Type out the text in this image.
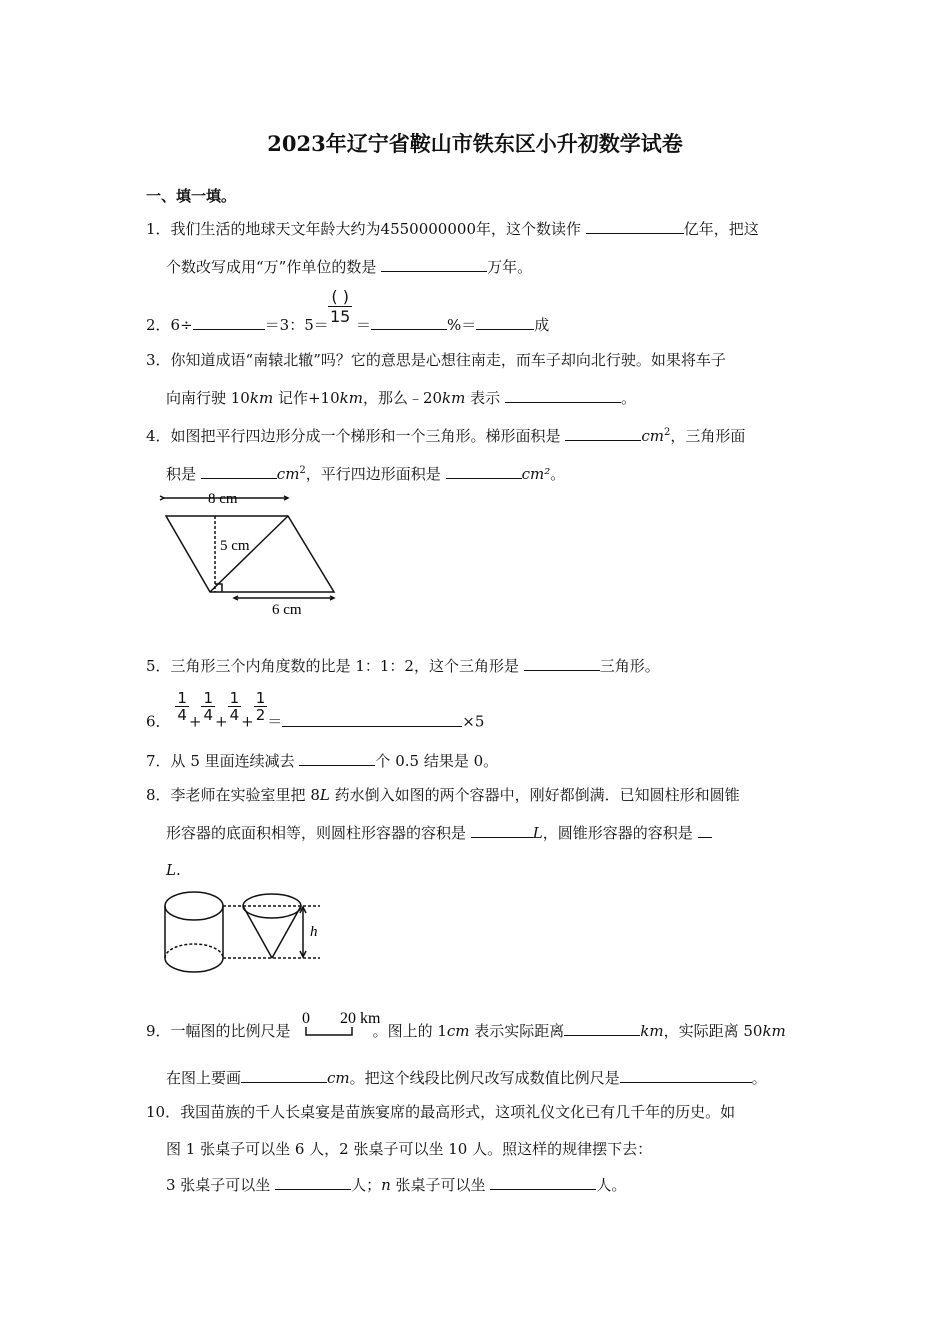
2023年辽宁省鞍山市铁东区小升初数学试卷
一、填一填。
1．我们生活的地球天文年龄大约为4550000000年，这个数读作	亿年，把这
个数改写成用“万”作单位的数是	万年。
2．6÷	＝3：$5= \frac{( )}{15}$ ＝	%＝	成
3．你知道成语“南辕北辙”吗？它的意思是心想往南走，而车子却向北行驶。如果将车子
向南行驶 10km 记作+10km，那么﹣20km 表示	。
4．如图把平行四边形分成一个梯形和一个三角形。梯形面积是	$cm^2$，三角形面
积是	$cm^2$，平行四边形面积是	cm²。
8 cm
5 cm
6 cm
5．三角形三个内角度数的比是 1：1：2，这个三角形是	三角形。
6． $\frac{1}{4} + \frac{1}{4} + \frac{1}{4} + \frac{1}{2}$ ＝	×5
7．从 5 里面连续减去	个 0.5 结果是 0。
8．李老师在实验室里把 8L 药水倒入如图的两个容器中，刚好都倒满．已知圆柱形和圆锥
形容器的底面积相等，则圆柱形容器的容积是	L，圆锥形容器的容积是
L.
h
9．一幅图的比例尺是	。图上的 1cm 表示实际距离	km，实际距离 50km
0 20 km
在图上要画	cm。把这个线段比例尺改写成数值比例尺是	。
10．我国苗族的千人长桌宴是苗族宴席的最高形式，这项礼仪文化已有几千年的历史。如
图 1 张桌子可以坐 6 人，2 张桌子可以坐 10 人。照这样的规律摆下去：
3 张桌子可以坐	人；n 张桌子可以坐	人。
